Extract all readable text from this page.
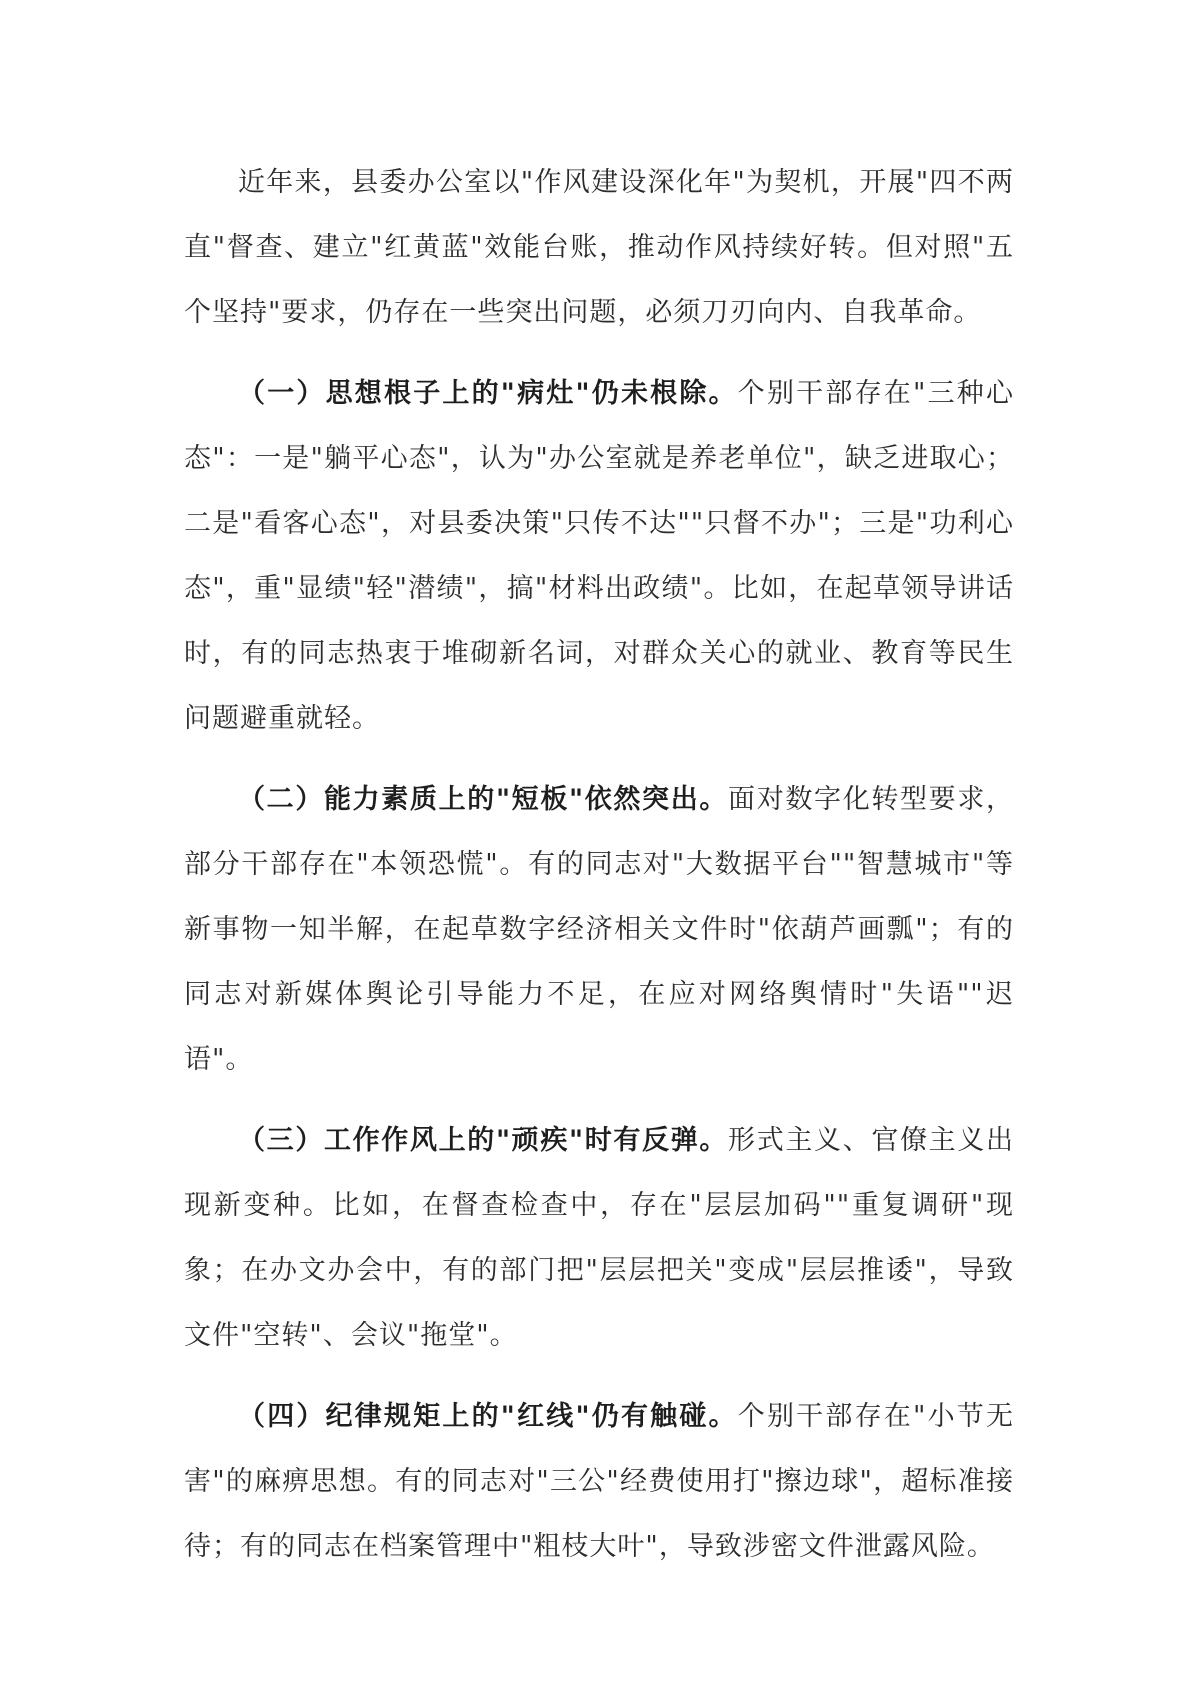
近年来，县委办公室以"作风建设深化年"为契机，开展"四不两直"督查、建立"红黄蓝"效能台账，推动作风持续好转。但对照"五个坚持"要求，仍存在一些突出问题，必须刀刃向内、自我革命。

（一）思想根子上的"病灶"仍未根除。个别干部存在"三种心态"：一是"躺平心态"，认为"办公室就是养老单位"，缺乏进取心；二是"看客心态"，对县委决策"只传不达""只督不办"；三是"功利心态"，重"显绩"轻"潜绩"，搞"材料出政绩"。比如，在起草领导讲话时，有的同志热衷于堆砌新名词，对群众关心的就业、教育等民生问题避重就轻。

（二）能力素质上的"短板"依然突出。面对数字化转型要求，部分干部存在"本领恐慌"。有的同志对"大数据平台""智慧城市"等新事物一知半解，在起草数字经济相关文件时"依葫芦画瓢"；有的同志对新媒体舆论引导能力不足，在应对网络舆情时"失语""迟语"。

（三）工作作风上的"顽疾"时有反弹。形式主义、官僚主义出现新变种。比如，在督查检查中，存在"层层加码""重复调研"现象；在办文办会中，有的部门把"层层把关"变成"层层推诿"，导致文件"空转"、会议"拖堂"。

（四）纪律规矩上的"红线"仍有触碰。个别干部存在"小节无害"的麻痹思想。有的同志对"三公"经费使用打"擦边球"，超标准接待；有的同志在档案管理中"粗枝大叶"，导致涉密文件泄露风险。
